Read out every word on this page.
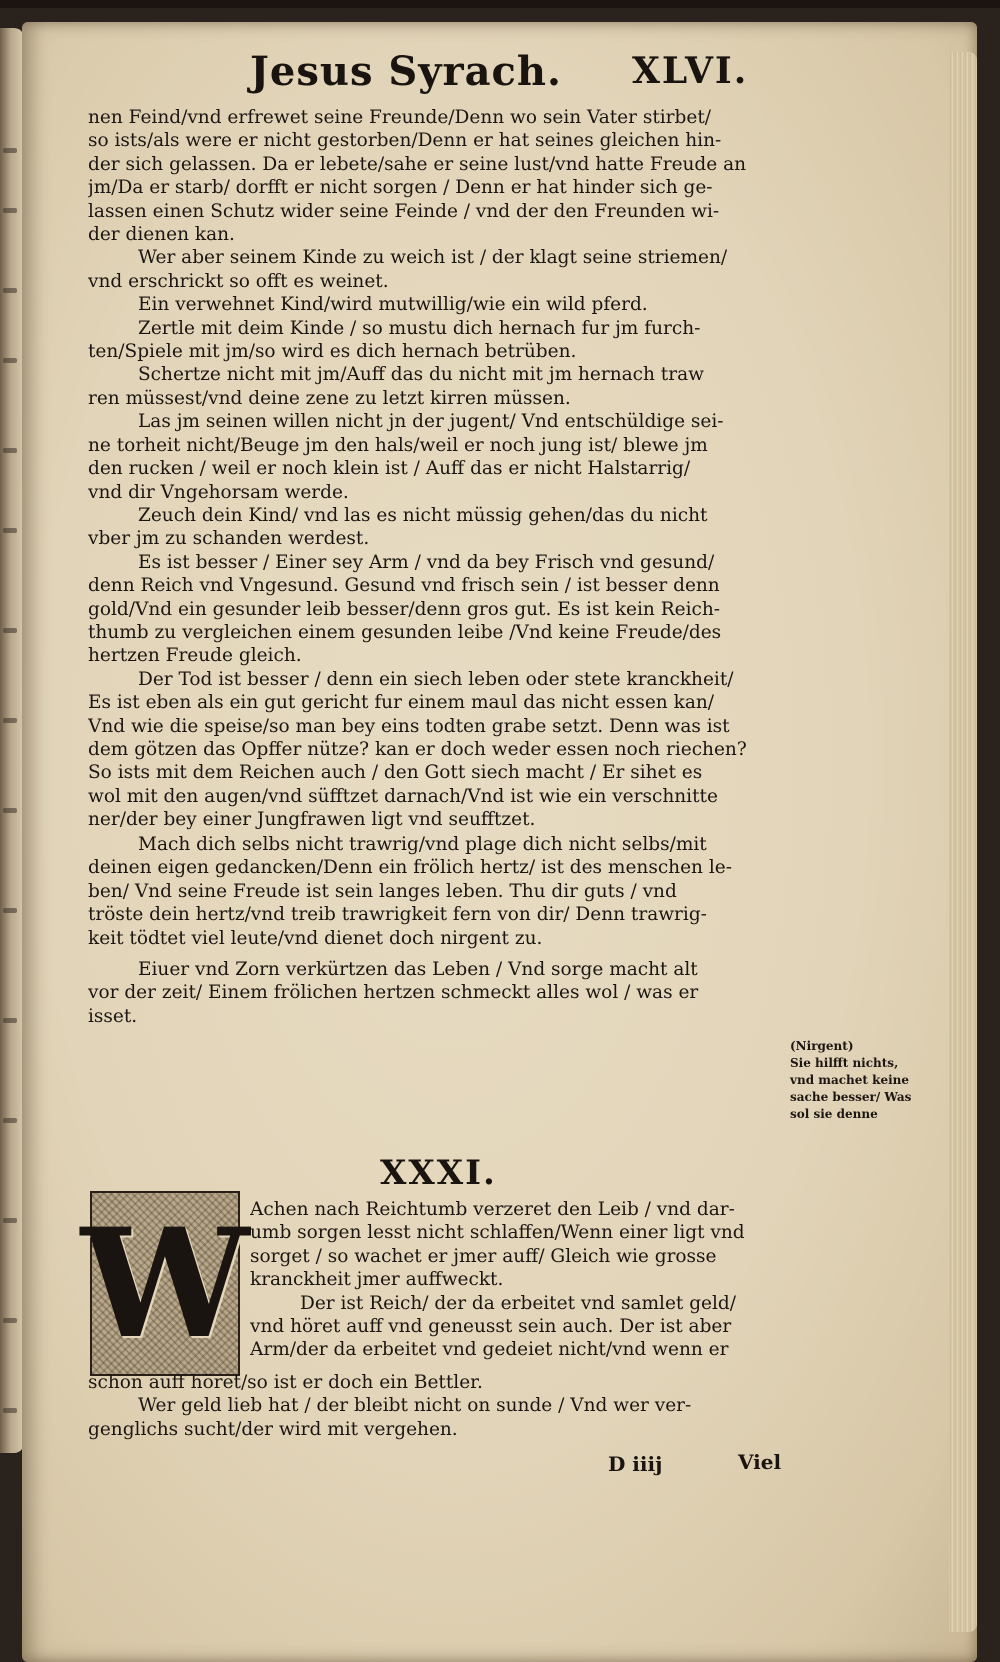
Jesus Syrach. XLVI.
nen Feind/vnd erfrewet seine Freunde/Denn wo sein Vater stirbet/
so ists/als were er nicht gestorben/Denn er hat seines gleichen hin-
der sich gelassen. Da er lebete/sahe er seine lust/vnd hatte Freude an
jm/Da er starb/ dorfft er nicht sorgen / Denn er hat hinder sich ge-
lassen einen Schutz wider seine Feinde / vnd der den Freunden wi-
der dienen kan.
Wer aber seinem Kinde zu weich ist / der klagt seine striemen/
vnd erschrickt so offt es weinet.
Ein verwehnet Kind/wird mutwillig/wie ein wild pferd.
Zertle mit deim Kinde / so mustu dich hernach fur jm furch-
ten/Spiele mit jm/so wird es dich hernach betrüben.
Schertze nicht mit jm/Auff das du nicht mit jm hernach traw
ren müssest/vnd deine zene zu letzt kirren müssen.
Las jm seinen willen nicht jn der jugent/ Vnd entschüldige sei-
ne torheit nicht/Beuge jm den hals/weil er noch jung ist/ blewe jm
den rucken / weil er noch klein ist / Auff das er nicht Halstarrig/
vnd dir Vngehorsam werde.
Zeuch dein Kind/ vnd las es nicht müssig gehen/das du nicht
vber jm zu schanden werdest.
Es ist besser / Einer sey Arm / vnd da bey Frisch vnd gesund/
denn Reich vnd Vngesund. Gesund vnd frisch sein / ist besser denn
gold/Vnd ein gesunder leib besser/denn gros gut. Es ist kein Reich-
thumb zu vergleichen einem gesunden leibe /Vnd keine Freude/des
hertzen Freude gleich.
Der Tod ist besser / denn ein siech leben oder stete kranckheit/
Es ist eben als ein gut gericht fur einem maul das nicht essen kan/
Vnd wie die speise/so man bey eins todten grabe setzt. Denn was ist
dem götzen das Opffer nütze? kan er doch weder essen noch riechen?
So ists mit dem Reichen auch / den Gott siech macht / Er sihet es
wol mit den augen/vnd süfftzet darnach/Vnd ist wie ein verschnitte
ner/der bey einer Jungfrawen ligt vnd seufftzet.
Mach dich selbs nicht trawrig/vnd plage dich nicht selbs/mit
deinen eigen gedancken/Denn ein frölich hertz/ ist des menschen le-
ben/ Vnd seine Freude ist sein langes leben. Thu dir guts / vnd
tröste dein hertz/vnd treib trawrigkeit fern von dir/ Denn trawrig-
keit tödtet viel leute/vnd dienet doch nirgent zu.
Eiuer vnd Zorn verkürtzen das Leben / Vnd sorge macht alt
vor der zeit/ Einem frölichen hertzen schmeckt alles wol / was er
isset.
(Nirgent)
Sie hilfft nichts,
vnd machet keine
sache besser/ Was
sol sie denne
XXXI.
W Achen nach Reichtumb verzeret den Leib / vnd dar-
umb sorgen lesst nicht schlaffen/Wenn einer ligt vnd
sorget / so wachet er jmer auff/ Gleich wie grosse
kranckheit jmer auffweckt.
Der ist Reich/ der da erbeitet vnd samlet geld/
vnd höret auff vnd geneusst sein auch. Der ist aber
Arm/der da erbeitet vnd gedeiet nicht/vnd wenn er
schon auff höret/so ist er doch ein Bettler.
Wer geld lieb hat / der bleibt nicht on sunde / Vnd wer ver-
genglichs sucht/der wird mit vergehen.
D iiij	Viel
